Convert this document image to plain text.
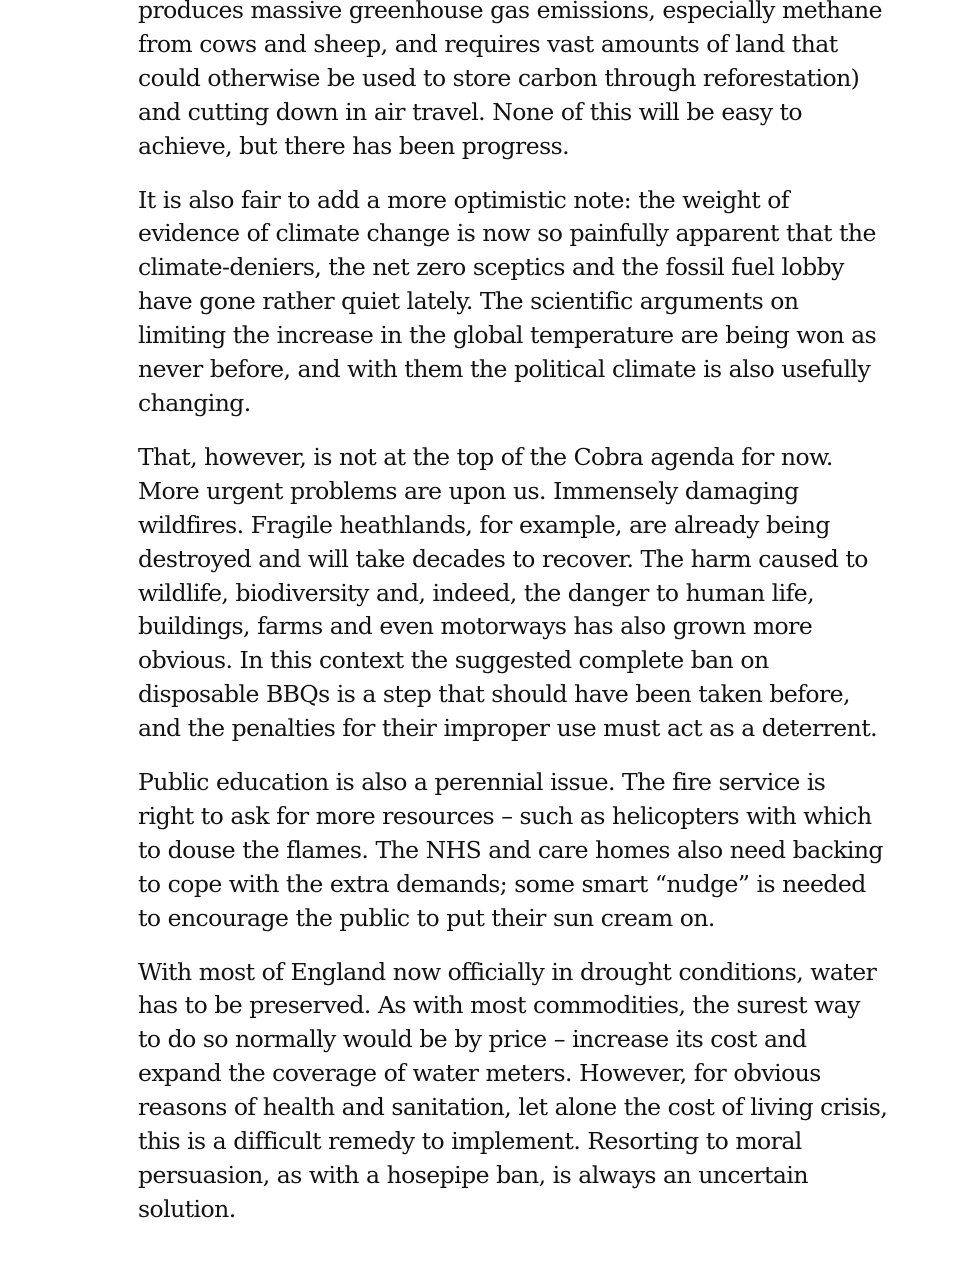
produces massive greenhouse gas emissions, especially methane
from cows and sheep, and requires vast amounts of land that
could otherwise be used to store carbon through reforestation)
and cutting down in air travel. None of this will be easy to
achieve, but there has been progress.

It is also fair to add a more optimistic note: the weight of
evidence of climate change is now so painfully apparent that the
climate-deniers, the net zero sceptics and the fossil fuel lobby
have gone rather quiet lately. The scientific arguments on
limiting the increase in the global temperature are being won as
never before, and with them the political climate is also usefully
changing.

That, however, is not at the top of the Cobra agenda for now.
More urgent problems are upon us. Immensely damaging
wildfires. Fragile heathlands, for example, are already being
destroyed and will take decades to recover. The harm caused to
wildlife, biodiversity and, indeed, the danger to human life,
buildings, farms and even motorways has also grown more
obvious. In this context the suggested complete ban on
disposable BBQs is a step that should have been taken before,
and the penalties for their improper use must act as a deterrent.

Public education is also a perennial issue. The fire service is
right to ask for more resources – such as helicopters with which
to douse the flames. The NHS and care homes also need backing
to cope with the extra demands; some smart “nudge” is needed
to encourage the public to put their sun cream on.

With most of England now officially in drought conditions, water
has to be preserved. As with most commodities, the surest way
to do so normally would be by price – increase its cost and
expand the coverage of water meters. However, for obvious
reasons of health and sanitation, let alone the cost of living crisis,
this is a difficult remedy to implement. Resorting to moral
persuasion, as with a hosepipe ban, is always an uncertain
solution.
